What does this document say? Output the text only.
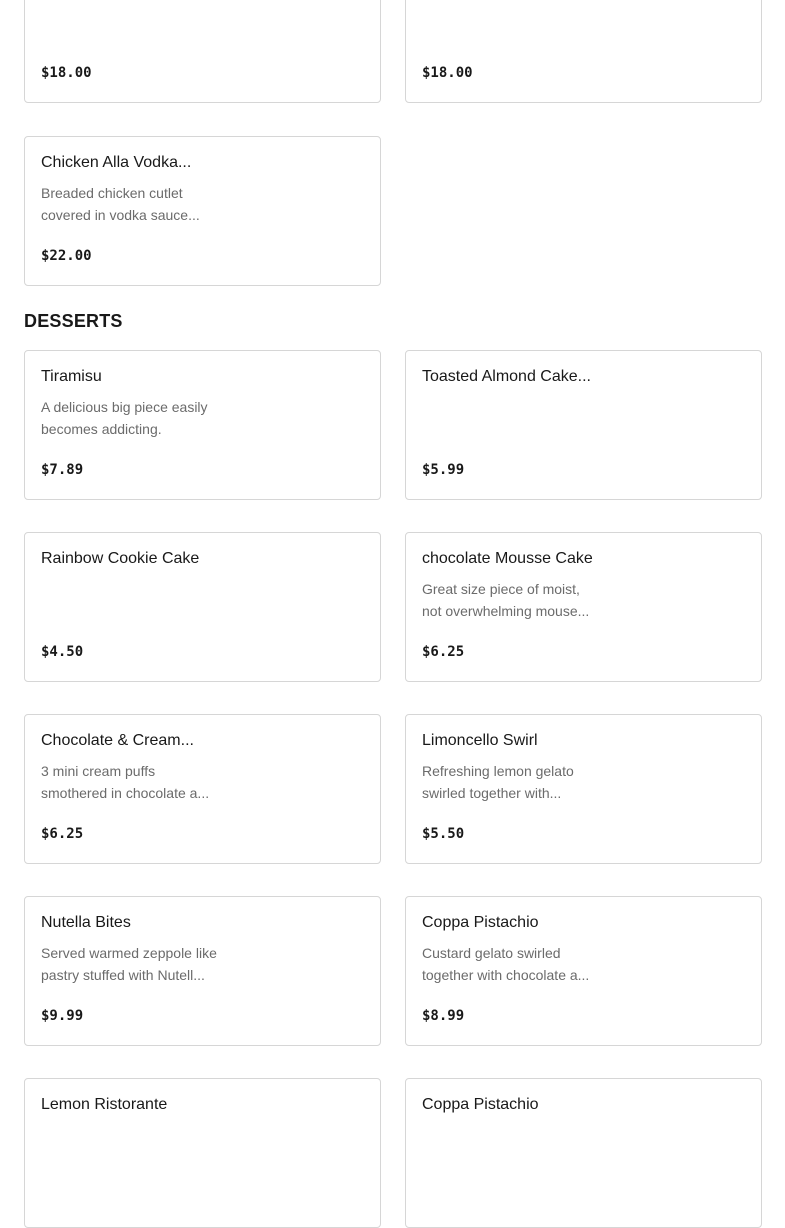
$18.00	$18.00
Chicken Alla Vodka...
Breaded chicken cutlet
covered in vodka sauce...
$22.00
DESSERTS
Tiramisu
A delicious big piece easily
becomes addicting.
$7.89
Toasted Almond Cake...
$5.99
Rainbow Cookie Cake
$4.50
chocolate Mousse Cake
Great size piece of moist,
not overwhelming mouse...
$6.25
Chocolate & Cream...
3 mini cream puffs
smothered in chocolate a...
$6.25
Limoncello Swirl
Refreshing lemon gelato
swirled together with...
$5.50
Nutella Bites
Served warmed zeppole like
pastry stuffed with Nutell...
$9.99
Coppa Pistachio
Custard gelato swirled
together with chocolate a...
$8.99
Lemon Ristorante	Coppa Pistachio
